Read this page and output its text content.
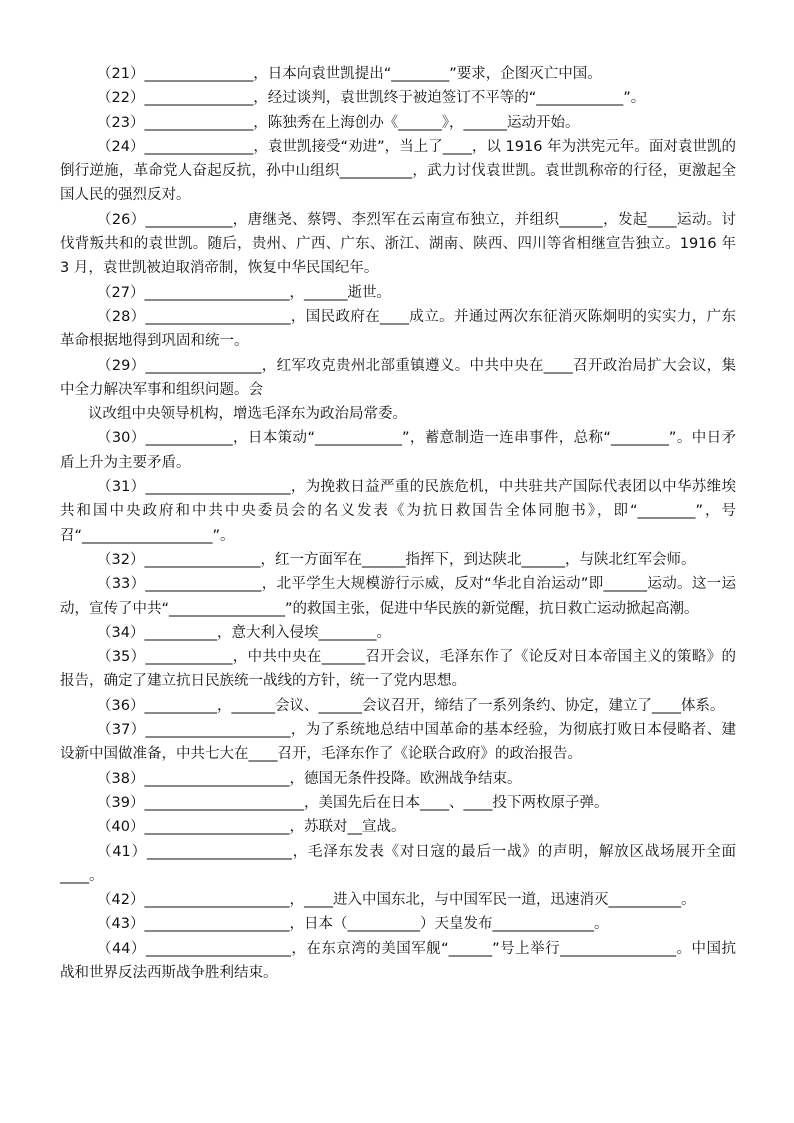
（21）_______________，日本向袁世凯提出“________”要求，企图灭亡中国。

（22）_______________，经过谈判，袁世凯终于被迫签订不平等的“____________”。

（23）_______________，陈独秀在上海创办《______》，______运动开始。

（24）_______________，袁世凯接受“劝进”，当上了____，以 1916 年为洪宪元年。面对袁世凯的倒行逆施，革命党人奋起反抗，孙中山组织__________，武力讨伐袁世凯。袁世凯称帝的行径，更激起全国人民的强烈反对。

（26）____________，唐继尧、蔡锷、李烈军在云南宣布独立，并组织______，发起____运动。讨伐背叛共和的袁世凯。随后，贵州、广西、广东、浙江、湖南、陕西、四川等省相继宣告独立。1916 年 3 月，袁世凯被迫取消帝制，恢复中华民国纪年。

（27）____________________，______逝世。

（28）____________________，国民政府在____成立。并通过两次东征消灭陈炯明的实实力，广东革命根据地得到巩固和统一。

（29）________________，红军攻克贵州北部重镇遵义。中共中央在____召开政治局扩大会议，集中全力解决军事和组织问题。会

议改组中央领导机构，增选毛泽东为政治局常委。

（30）____________，日本策动“____________”，蓄意制造一连串事件，总称“________”。中日矛盾上升为主要矛盾。

（31）____________________，为挽救日益严重的民族危机，中共驻共产国际代表团以中华苏维埃共和国中央政府和中共中央委员会的名义发表《为抗日救国告全体同胞书》，即“________”，号召“__________________”。

（32）________________，红一方面军在______指挥下，到达陕北______，与陕北红军会师。

（33）________________，北平学生大规模游行示威，反对“华北自治运动”即______运动。这一运动，宣传了中共“________________”的救国主张，促进中华民族的新觉醒，抗日救亡运动掀起高潮。

（34）__________，意大利入侵埃________。

（35）____________，中共中央在______召开会议，毛泽东作了《论反对日本帝国主义的策略》的报告，确定了建立抗日民族统一战线的方针，统一了党内思想。

（36）__________，______会议、______会议召开，缔结了一系列条约、协定，建立了____体系。

（37）____________________，为了系统地总结中国革命的基本经验，为彻底打败日本侵略者、建设新中国做准备，中共七大在____召开，毛泽东作了《论联合政府》的政治报告。

（38）____________________，德国无条件投降。欧洲战争结束。

（39）______________________，美国先后在日本____、____投下两枚原子弹。

（40）____________________，苏联对__宣战。

（41）____________________，毛泽东发表《对日寇的最后一战》的声明，解放区战场展开全面____。

（42）____________________，____进入中国东北，与中国军民一道，迅速消灭__________。

（43）____________________，日本（__________）天皇发布______________。

（44）____________________，在东京湾的美国军舰“______”号上举行________________。中国抗战和世界反法西斯战争胜利结束。
